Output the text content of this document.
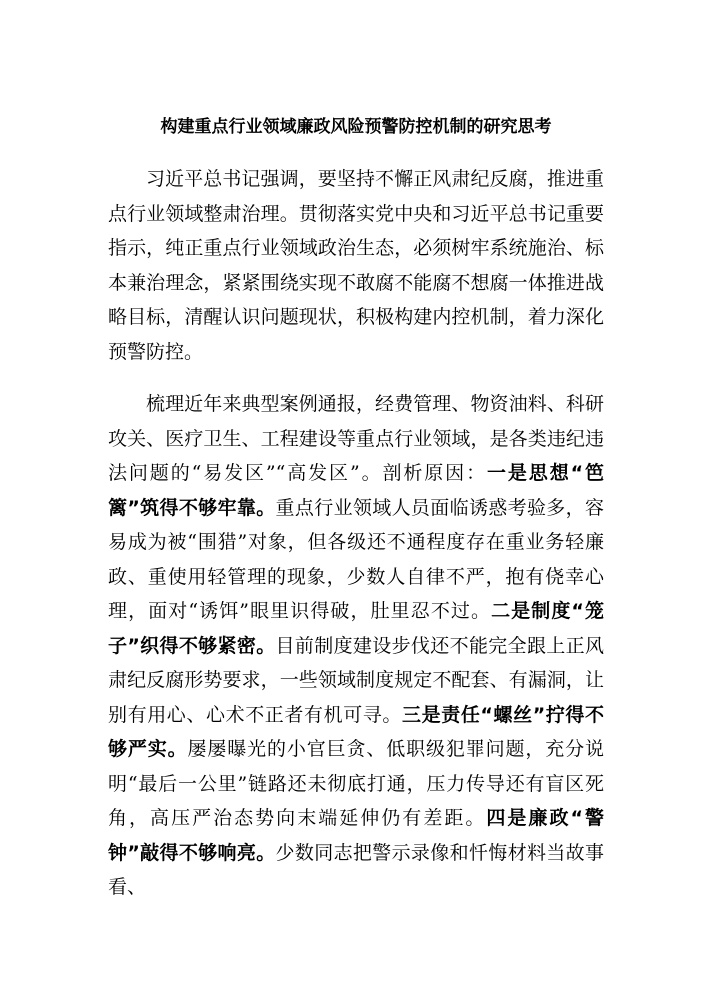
构建重点行业领域廉政风险预警防控机制的研究思考

习近平总书记强调，要坚持不懈正风肃纪反腐，推进重点行业领域整肃治理。贯彻落实党中央和习近平总书记重要指示，纯正重点行业领域政治生态，必须树牢系统施治、标本兼治理念，紧紧围绕实现不敢腐不能腐不想腐一体推进战略目标，清醒认识问题现状，积极构建内控机制，着力深化预警防控。

梳理近年来典型案例通报，经费管理、物资油料、科研攻关、医疗卫生、工程建设等重点行业领域，是各类违纪违法问题的“易发区”“高发区”。剖析原因：一是思想“笆篱”筑得不够牢靠。重点行业领域人员面临诱惑考验多，容易成为被“围猎”对象，但各级还不通程度存在重业务轻廉政、重使用轻管理的现象，少数人自律不严，抱有侥幸心理，面对“诱饵”眼里识得破，肚里忍不过。二是制度“笼子”织得不够紧密。目前制度建设步伐还不能完全跟上正风肃纪反腐形势要求，一些领域制度规定不配套、有漏洞，让别有用心、心术不正者有机可寻。三是责任“螺丝”拧得不够严实。屡屡曝光的小官巨贪、低职级犯罪问题，充分说明“最后一公里”链路还未彻底打通，压力传导还有盲区死角，高压严治态势向末端延伸仍有差距。四是廉政“警钟”敲得不够响亮。少数同志把警示录像和忏悔材料当故事看、
